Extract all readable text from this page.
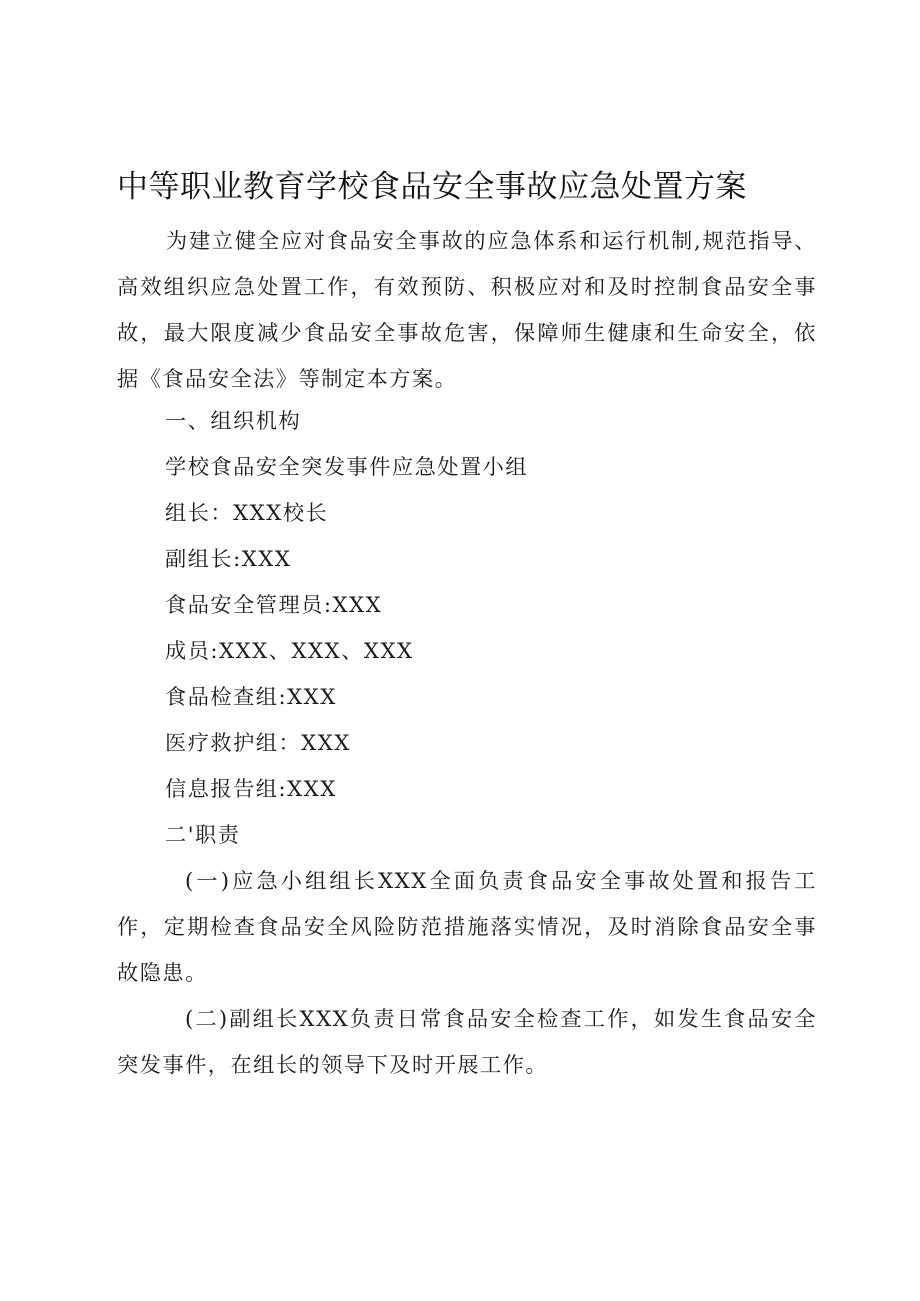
中等职业教育学校食品安全事故应急处置方案

为建立健全应对食品安全事故的应急体系和运行机制,规范指导、高效组织应急处置工作，有效预防、积极应对和及时控制食品安全事故，最大限度减少食品安全事故危害，保障师生健康和生命安全，依据《食品安全法》等制定本方案。

一、组织机构

学校食品安全突发事件应急处置小组

组长：XXX校长

副组长:XXX

食品安全管理员:XXX

成员:XXX、XXX、XXX

食品检查组:XXX

医疗救护组：XXX

信息报告组:XXX

二'职责

(一)应急小组组长XXX全面负责食品安全事故处置和报告工作，定期检查食品安全风险防范措施落实情况，及时消除食品安全事故隐患。

(二)副组长XXX负责日常食品安全检查工作，如发生食品安全突发事件，在组长的领导下及时开展工作。
